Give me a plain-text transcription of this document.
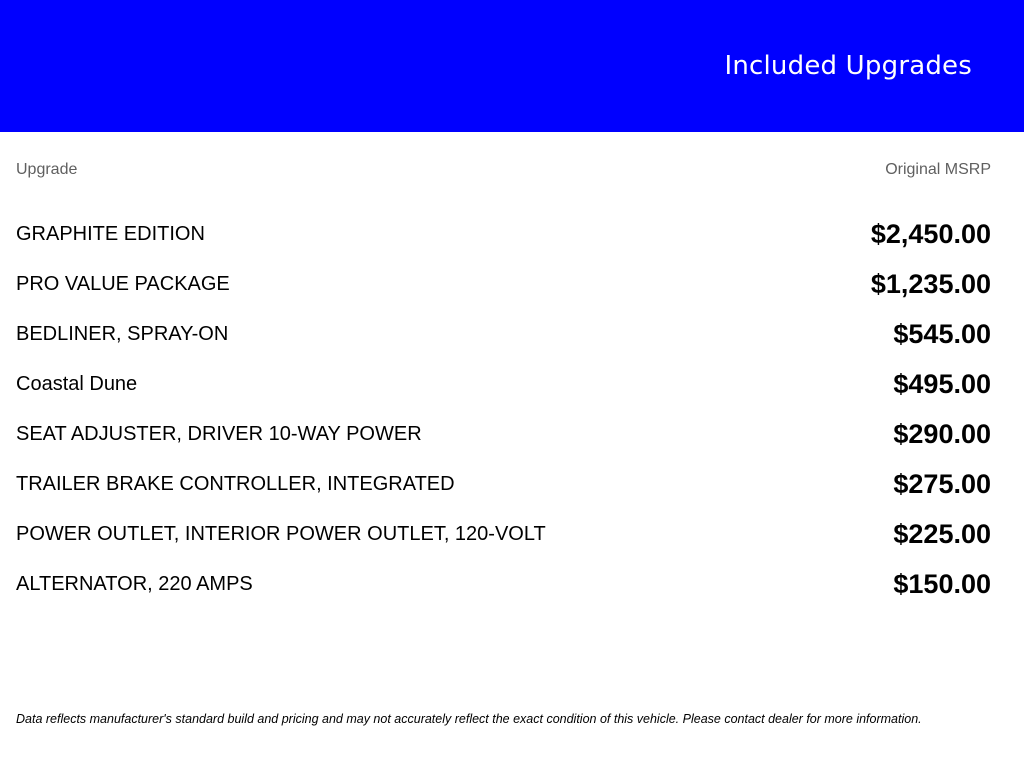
Included Upgrades
Upgrade	Original MSRP
GRAPHITE EDITION	$2,450.00
PRO VALUE PACKAGE	$1,235.00
BEDLINER, SPRAY-ON	$545.00
Coastal Dune	$495.00
SEAT ADJUSTER, DRIVER 10-WAY POWER	$290.00
TRAILER BRAKE CONTROLLER, INTEGRATED	$275.00
POWER OUTLET, INTERIOR POWER OUTLET, 120-VOLT	$225.00
ALTERNATOR, 220 AMPS	$150.00
Data reflects manufacturer's standard build and pricing and may not accurately reflect the exact condition of this vehicle. Please contact dealer for more information.
